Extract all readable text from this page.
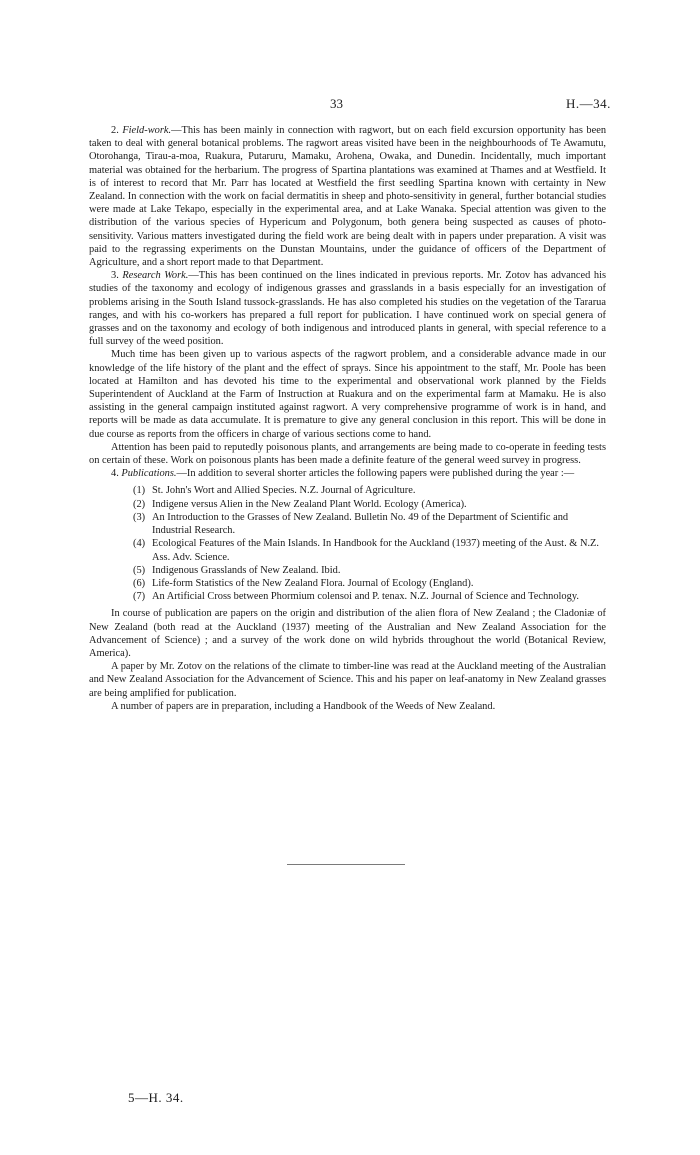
33	H.—34.

2. Field-work.—This has been mainly in connection with ragwort, but on each field excursion opportunity has been taken to deal with general botanical problems. The ragwort areas visited have been in the neighbourhoods of Te Awamutu, Otorohanga, Tirau-a-moa, Ruakura, Putaruru, Mamaku, Arohena, Owaka, and Dunedin. Incidentally, much important material was obtained for the herbarium. The progress of Spartina plantations was examined at Thames and at Westfield. It is of interest to record that Mr. Parr has located at Westfield the first seedling Spartina known with certainty in New Zealand. In connection with the work on facial dermatitis in sheep and photo-sensitivity in general, further botancial studies were made at Lake Tekapo, especially in the experimental area, and at Lake Wanaka. Special attention was given to the distribution of the various species of Hypericum and Polygonum, both genera being suspected as causes of photo-sensitivity. Various matters investigated during the field work are being dealt with in papers under preparation. A visit was paid to the regrassing experiments on the Dunstan Mountains, under the guidance of officers of the Department of Agriculture, and a short report made to that Department.

3. Research Work.—This has been continued on the lines indicated in previous reports. Mr. Zotov has advanced his studies of the taxonomy and ecology of indigenous grasses and grasslands in a basis especially for an investigation of problems arising in the South Island tussock-grasslands. He has also completed his studies on the vegetation of the Tararua ranges, and with his co-workers has prepared a full report for publication. I have continued work on special genera of grasses and on the taxonomy and ecology of both indigenous and introduced plants in general, with special reference to a full survey of the weed position.

Much time has been given up to various aspects of the ragwort problem, and a considerable advance made in our knowledge of the life history of the plant and the effect of sprays. Since his appointment to the staff, Mr. Poole has been located at Hamilton and has devoted his time to the experimental and observational work planned by the Fields Superintendent of Auckland at the Farm of Instruction at Ruakura and on the experimental farm at Mamaku. He is also assisting in the general campaign instituted against ragwort. A very comprehensive programme of work is in hand, and reports will be made as data accumulate. It is premature to give any general conclusion in this report. This will be done in due course as reports from the officers in charge of various sections come to hand.

Attention has been paid to reputedly poisonous plants, and arrangements are being made to co-operate in feeding tests on certain of these. Work on poisonous plants has been made a definite feature of the general weed survey in progress.

4. Publications.—In addition to several shorter articles the following papers were published during the year :—

(1) St. John's Wort and Allied Species. N.Z. Journal of Agriculture.
(2) Indigene versus Alien in the New Zealand Plant World. Ecology (America).
(3) An Introduction to the Grasses of New Zealand. Bulletin No. 49 of the Department of Scientific and Industrial Research.
(4) Ecological Features of the Main Islands. In Handbook for the Auckland (1937) meeting of the Aust. & N.Z. Ass. Adv. Science.
(5) Indigenous Grasslands of New Zealand. Ibid.
(6) Life-form Statistics of the New Zealand Flora. Journal of Ecology (England).
(7) An Artificial Cross between Phormium colensoi and P. tenax. N.Z. Journal of Science and Technology.

In course of publication are papers on the origin and distribution of the alien flora of New Zealand ; the Cladoniæ of New Zealand (both read at the Auckland (1937) meeting of the Australian and New Zealand Association for the Advancement of Science) ; and a survey of the work done on wild hybrids throughout the world (Botanical Review, America).

A paper by Mr. Zotov on the relations of the climate to timber-line was read at the Auckland meeting of the Australian and New Zealand Association for the Advancement of Science. This and his paper on leaf-anatomy in New Zealand grasses are being amplified for publication.

A number of papers are in preparation, including a Handbook of the Weeds of New Zealand.

5—H. 34.
